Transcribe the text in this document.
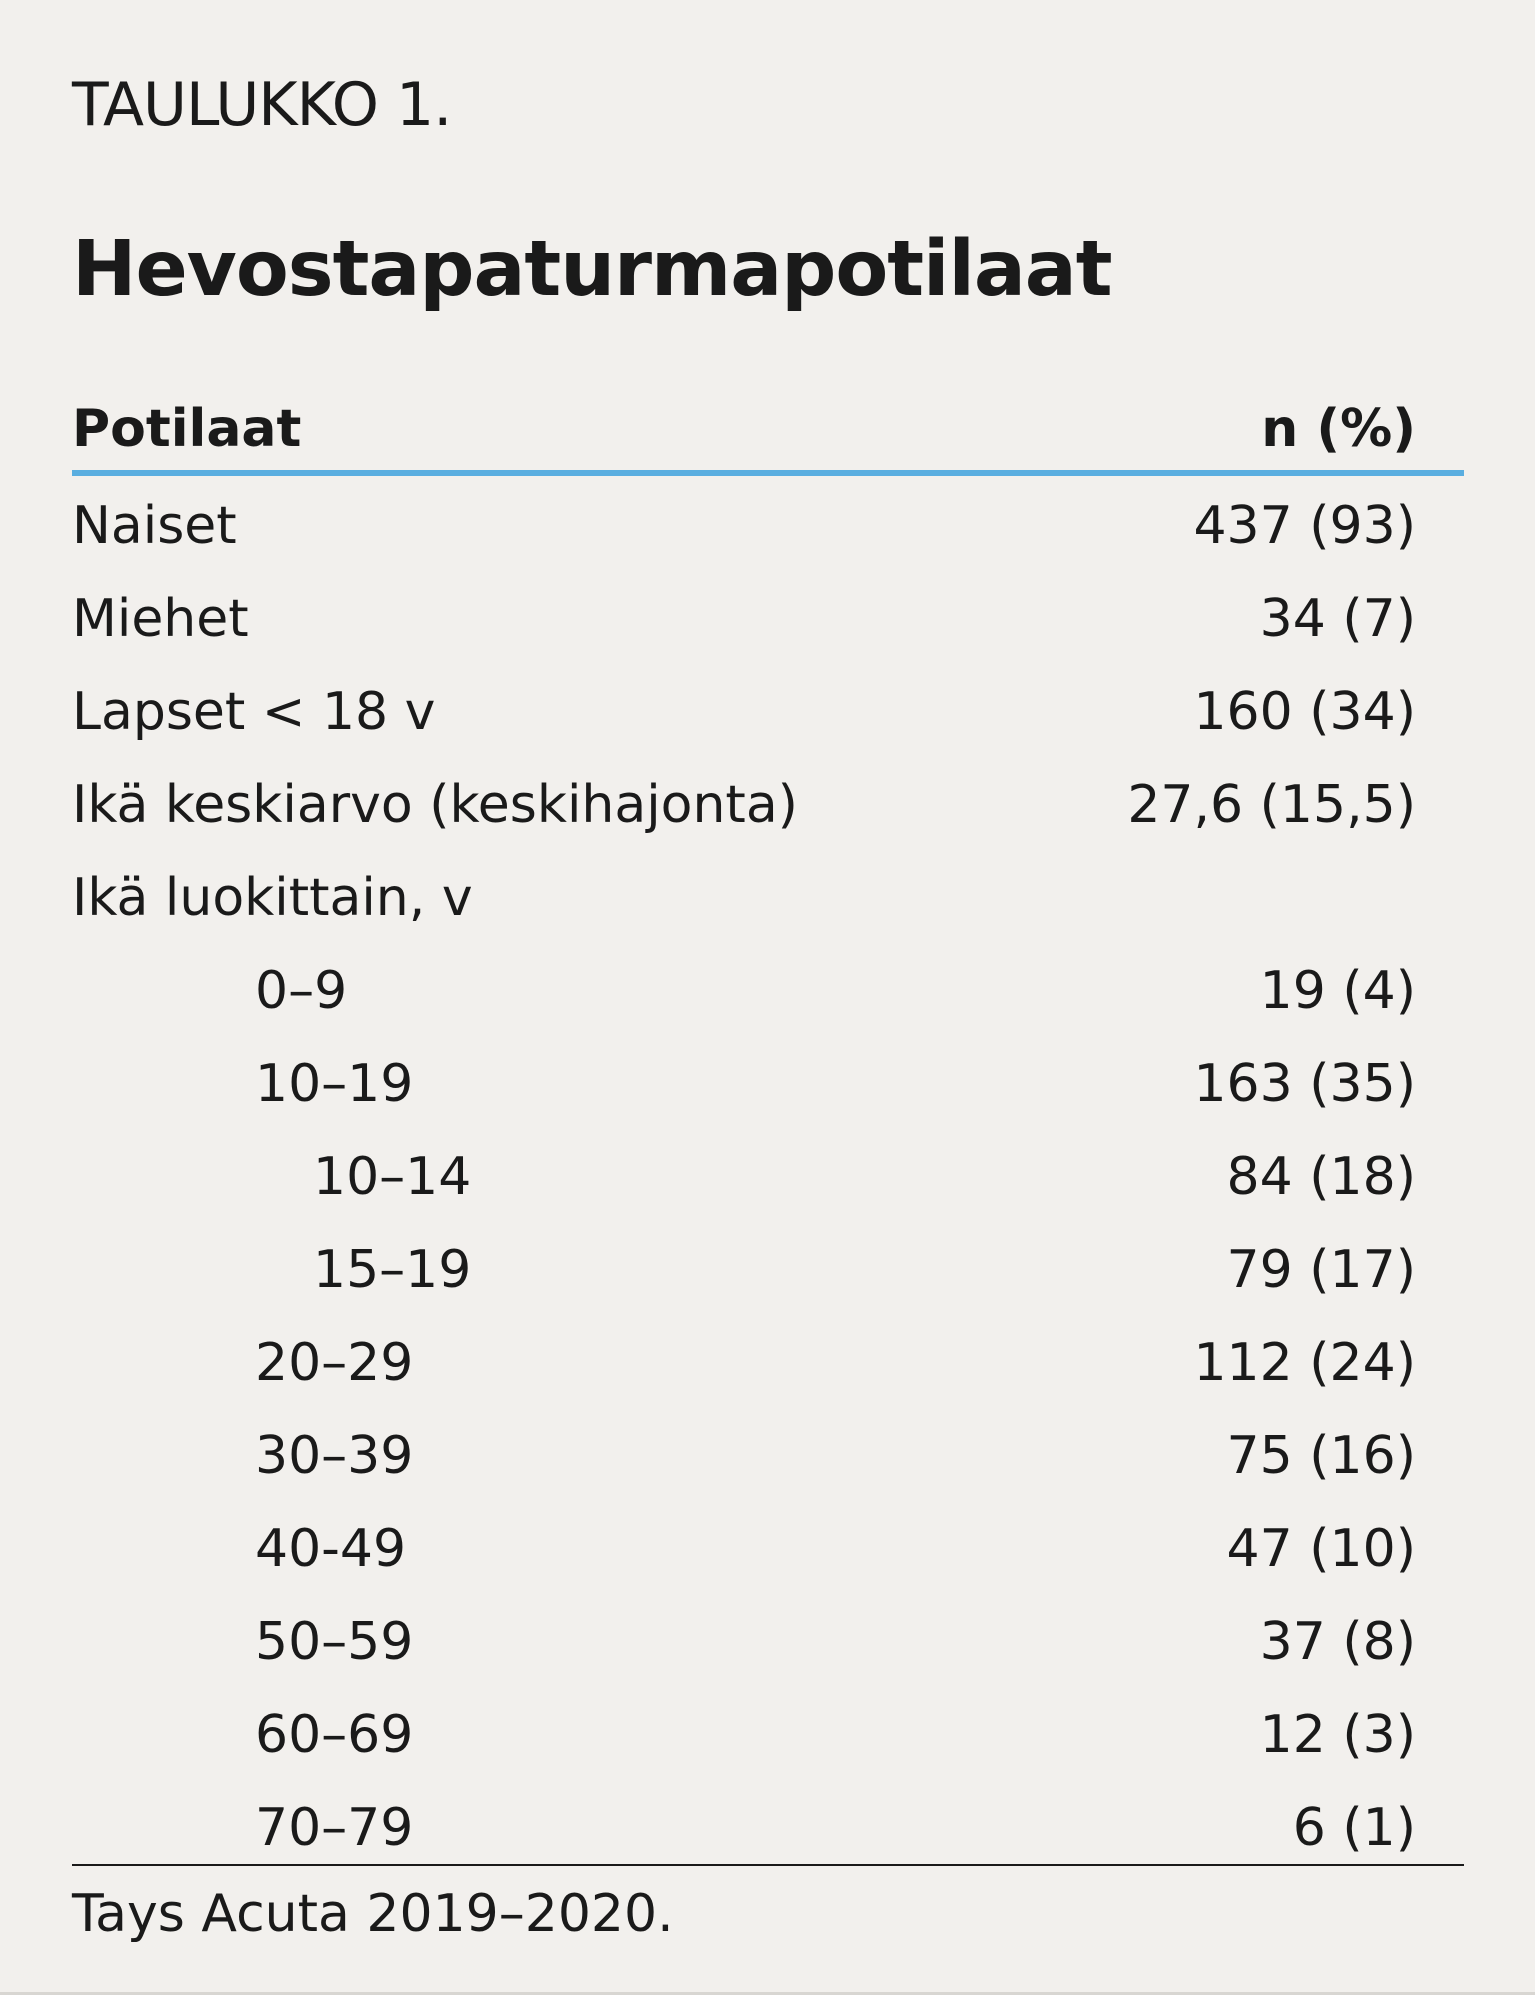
TAULUKKO 1.
Hevostapaturmapotilaat
Potilaat	n (%)
Naiset	437 (93)
Miehet	34 (7)
Lapset < 18 v	160 (34)
Ikä keskiarvo (keskihajonta)	27,6 (15,5)
Ikä luokittain, v
0–9	19 (4)
10–19	163 (35)
10–14	84 (18)
15–19	79 (17)
20–29	112 (24)
30–39	75 (16)
40-49	47 (10)
50–59	37 (8)
60–69	12 (3)
70–79	6 (1)
Tays Acuta 2019–2020.
